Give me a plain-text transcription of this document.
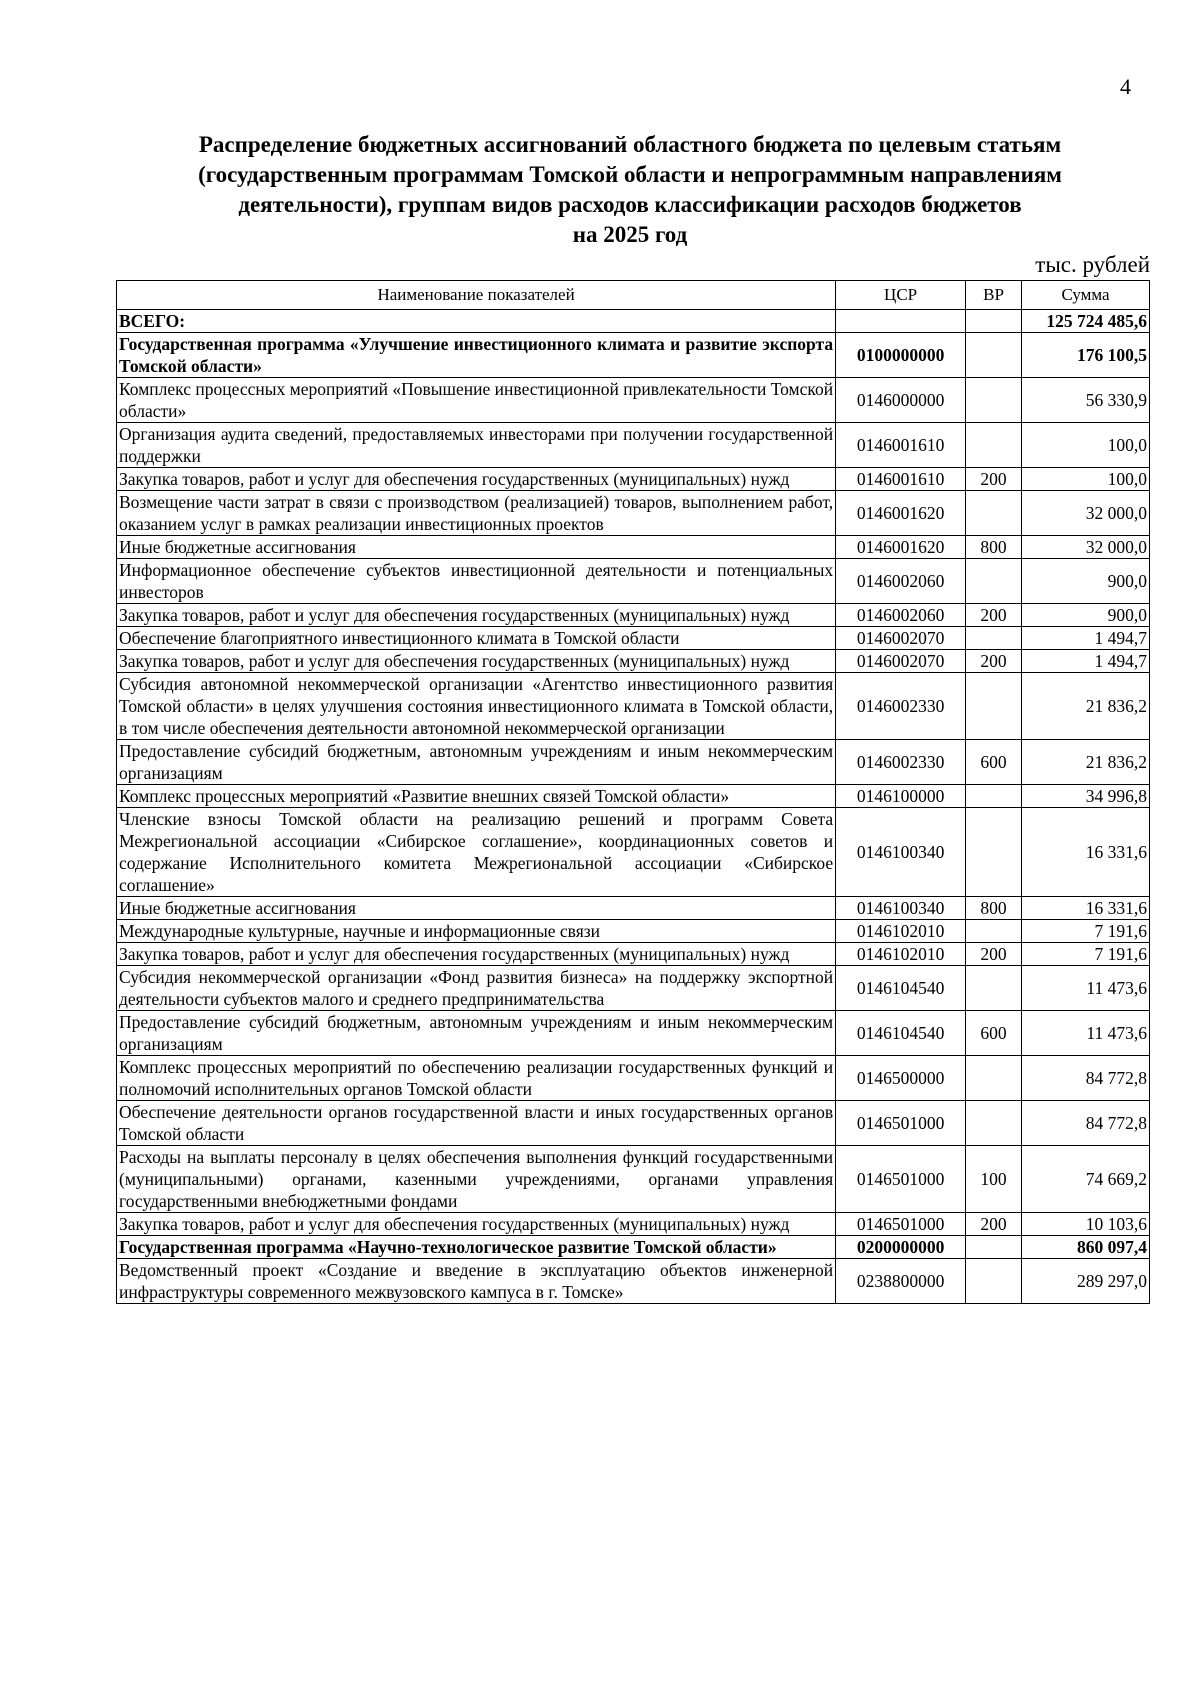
4
Распределение бюджетных ассигнований областного бюджета по целевым статьям
(государственным программам Томской области и непрограммным направлениям
деятельности), группам видов расходов классификации расходов бюджетов
на 2025 год
тыс. рублей
Наименование показателей	ЦСР	ВР	Сумма
ВСЕГО:			125 724 485,6
Государственная программа «Улучшение инвестиционного климата и развитие экспорта Томской области»	0100000000		176 100,5
Комплекс процессных мероприятий «Повышение инвестиционной привлекательности Томской области»	0146000000		56 330,9
Организация аудита сведений, предоставляемых инвесторами при получении государственной поддержки	0146001610		100,0
Закупка товаров, работ и услуг для обеспечения государственных (муниципальных) нужд	0146001610	200	100,0
Возмещение части затрат в связи с производством (реализацией) товаров, выполнением работ, оказанием услуг в рамках реализации инвестиционных проектов	0146001620		32 000,0
Иные бюджетные ассигнования	0146001620	800	32 000,0
Информационное обеспечение субъектов инвестиционной деятельности и потенциальных инвесторов	0146002060		900,0
Закупка товаров, работ и услуг для обеспечения государственных (муниципальных) нужд	0146002060	200	900,0
Обеспечение благоприятного инвестиционного климата в Томской области	0146002070		1 494,7
Закупка товаров, работ и услуг для обеспечения государственных (муниципальных) нужд	0146002070	200	1 494,7
Субсидия автономной некоммерческой организации «Агентство инвестиционного развития Томской области» в целях улучшения состояния инвестиционного климата в Томской области, в том числе обеспечения деятельности автономной некоммерческой организации	0146002330		21 836,2
Предоставление субсидий бюджетным, автономным учреждениям и иным некоммерческим организациям	0146002330	600	21 836,2
Комплекс процессных мероприятий «Развитие внешних связей Томской области»	0146100000		34 996,8
Членские взносы Томской области на реализацию решений и программ Совета Межрегиональной ассоциации «Сибирское соглашение», координационных советов и содержание Исполнительного комитета Межрегиональной ассоциации «Сибирское соглашение»	0146100340		16 331,6
Иные бюджетные ассигнования	0146100340	800	16 331,6
Международные культурные, научные и информационные связи	0146102010		7 191,6
Закупка товаров, работ и услуг для обеспечения государственных (муниципальных) нужд	0146102010	200	7 191,6
Субсидия некоммерческой организации «Фонд развития бизнеса» на поддержку экспортной деятельности субъектов малого и среднего предпринимательства	0146104540		11 473,6
Предоставление субсидий бюджетным, автономным учреждениям и иным некоммерческим организациям	0146104540	600	11 473,6
Комплекс процессных мероприятий по обеспечению реализации государственных функций и полномочий исполнительных органов Томской области	0146500000		84 772,8
Обеспечение деятельности органов государственной власти и иных государственных органов Томской области	0146501000		84 772,8
Расходы на выплаты персоналу в целях обеспечения выполнения функций государственными (муниципальными) органами, казенными учреждениями, органами управления государственными внебюджетными фондами	0146501000	100	74 669,2
Закупка товаров, работ и услуг для обеспечения государственных (муниципальных) нужд	0146501000	200	10 103,6
Государственная программа «Научно-технологическое развитие Томской области»	0200000000		860 097,4
Ведомственный проект «Создание и введение в эксплуатацию объектов инженерной инфраструктуры современного межвузовского кампуса в г. Томске»	0238800000		289 297,0
